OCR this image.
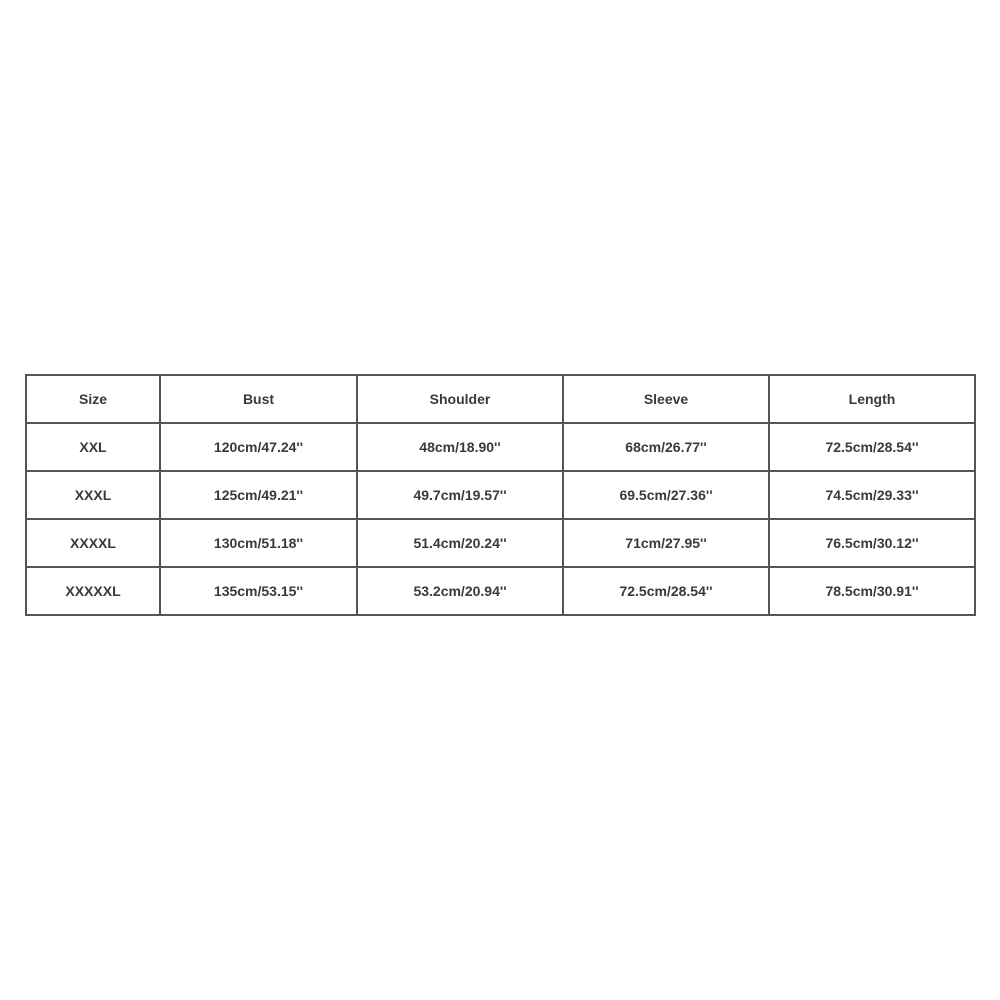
Size	Bust	Shoulder	Sleeve	Length
XXL	120cm/47.24''	48cm/18.90''	68cm/26.77''	72.5cm/28.54''
XXXL	125cm/49.21''	49.7cm/19.57''	69.5cm/27.36''	74.5cm/29.33''
XXXXL	130cm/51.18''	51.4cm/20.24''	71cm/27.95''	76.5cm/30.12''
XXXXXL	135cm/53.15''	53.2cm/20.94''	72.5cm/28.54''	78.5cm/30.91''
